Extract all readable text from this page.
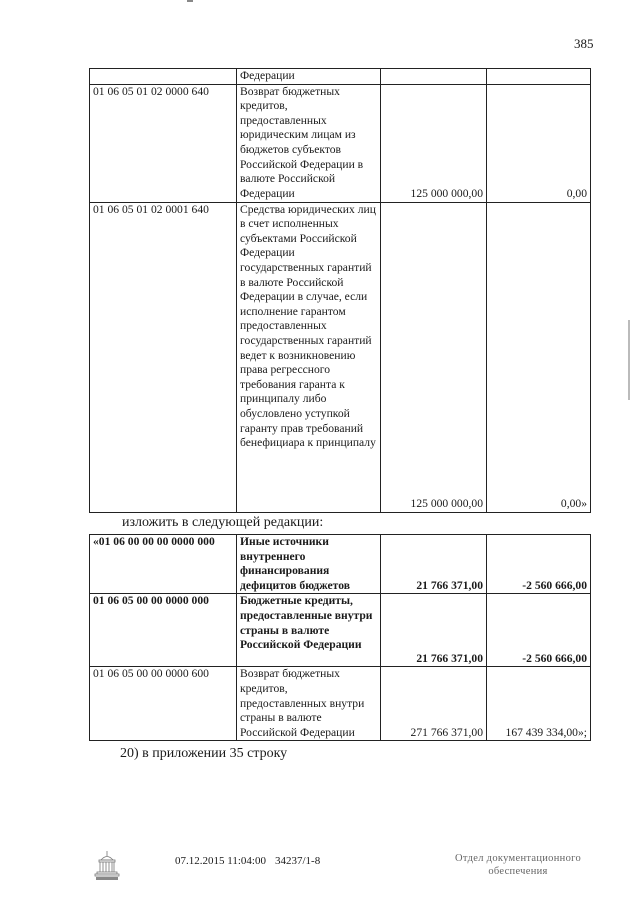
385
	Федерации		
01 06 05 01 02 0000 640	Возврат бюджетных кредитов, предоставленных юридическим лицам из бюджетов субъектов Российской Федерации в валюте Российской Федерации	125 000 000,00	0,00
01 06 05 01 02 0001 640	Средства юридических лиц в счет исполненных субъектами Российской Федерации государственных гарантий в валюте Российской Федерации в случае, если исполнение гарантом предоставленных государственных гарантий ведет к возникновению права регрессного требования гаранта к принципалу либо обусловлено уступкой гаранту прав требований бенефициара к принципалу	125 000 000,00	0,00»
изложить в следующей редакции:
«01 06 00 00 00 0000 000	Иные источники внутреннего финансирования дефицитов бюджетов	21 766 371,00	-2 560 666,00
01 06 05 00 00 0000 000	Бюджетные кредиты, предоставленные внутри страны в валюте Российской Федерации	21 766 371,00	-2 560 666,00
01 06 05 00 00 0000 600	Возврат бюджетных кредитов, предоставленных внутри страны в валюте Российской Федерации	271 766 371,00	167 439 334,00»;
20) в приложении 35 строку
07.12.2015 11:04:00 34237/1-8	Отдел документационного
обеспечения
